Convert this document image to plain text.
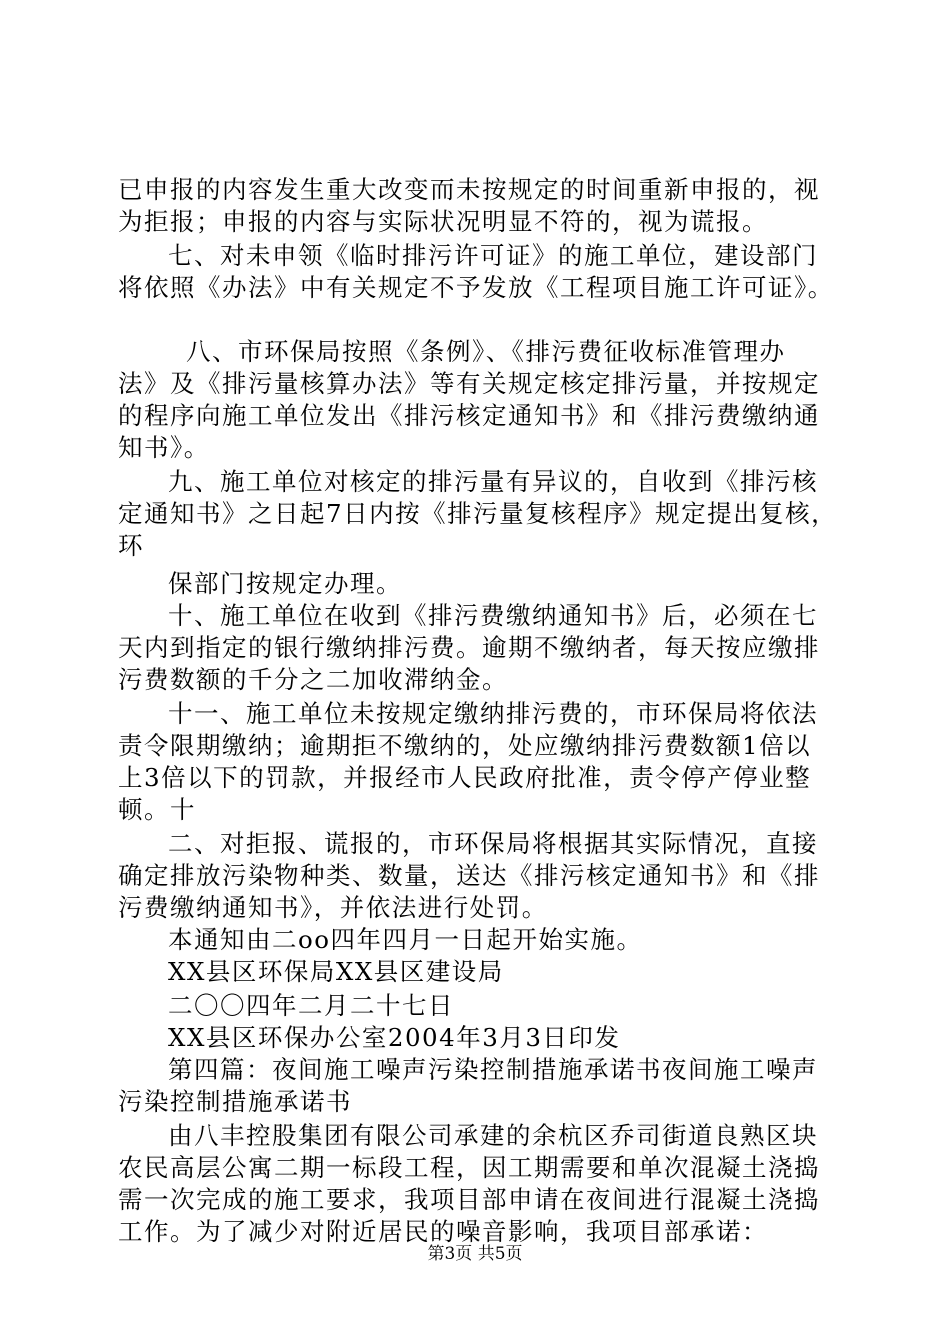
已申报的内容发生重大改变而未按规定的时间重新申报的，视
为拒报；申报的内容与实际状况明显不符的，视为谎报。
七、对未申领《临时排污许可证》的施工单位，建设部门
将依照《办法》中有关规定不予发放《工程项目施工许可证》。
八、市环保局按照《条例》、《排污费征收标准管理办
法》及《排污量核算办法》等有关规定核定排污量，并按规定
的程序向施工单位发出《排污核定通知书》和《排污费缴纳通
知书》。
九、施工单位对核定的排污量有异议的，自收到《排污核
定通知书》之日起7日内按《排污量复核程序》规定提出复核，
环
保部门按规定办理。
十、施工单位在收到《排污费缴纳通知书》后，必须在七
天内到指定的银行缴纳排污费。逾期不缴纳者，每天按应缴排
污费数额的千分之二加收滞纳金。
十一、施工单位未按规定缴纳排污费的，市环保局将依法
责令限期缴纳；逾期拒不缴纳的，处应缴纳排污费数额1倍以
上3倍以下的罚款，并报经市人民政府批准，责令停产停业整
顿。十
二、对拒报、谎报的，市环保局将根据其实际情况，直接
确定排放污染物种类、数量，送达《排污核定通知书》和《排
污费缴纳通知书》，并依法进行处罚。
本通知由二oo四年四月一日起开始实施。
XX县区环保局XX县区建设局
二〇〇四年二月二十七日
XX县区环保办公室2004年3月3日印发
第四篇：夜间施工噪声污染控制措施承诺书夜间施工噪声
污染控制措施承诺书
由八丰控股集团有限公司承建的余杭区乔司街道良熟区块
农民高层公寓二期一标段工程，因工期需要和单次混凝土浇捣
需一次完成的施工要求，我项目部申请在夜间进行混凝土浇捣
工作。为了减少对附近居民的噪音影响，我项目部承诺：
第3页 共5页
